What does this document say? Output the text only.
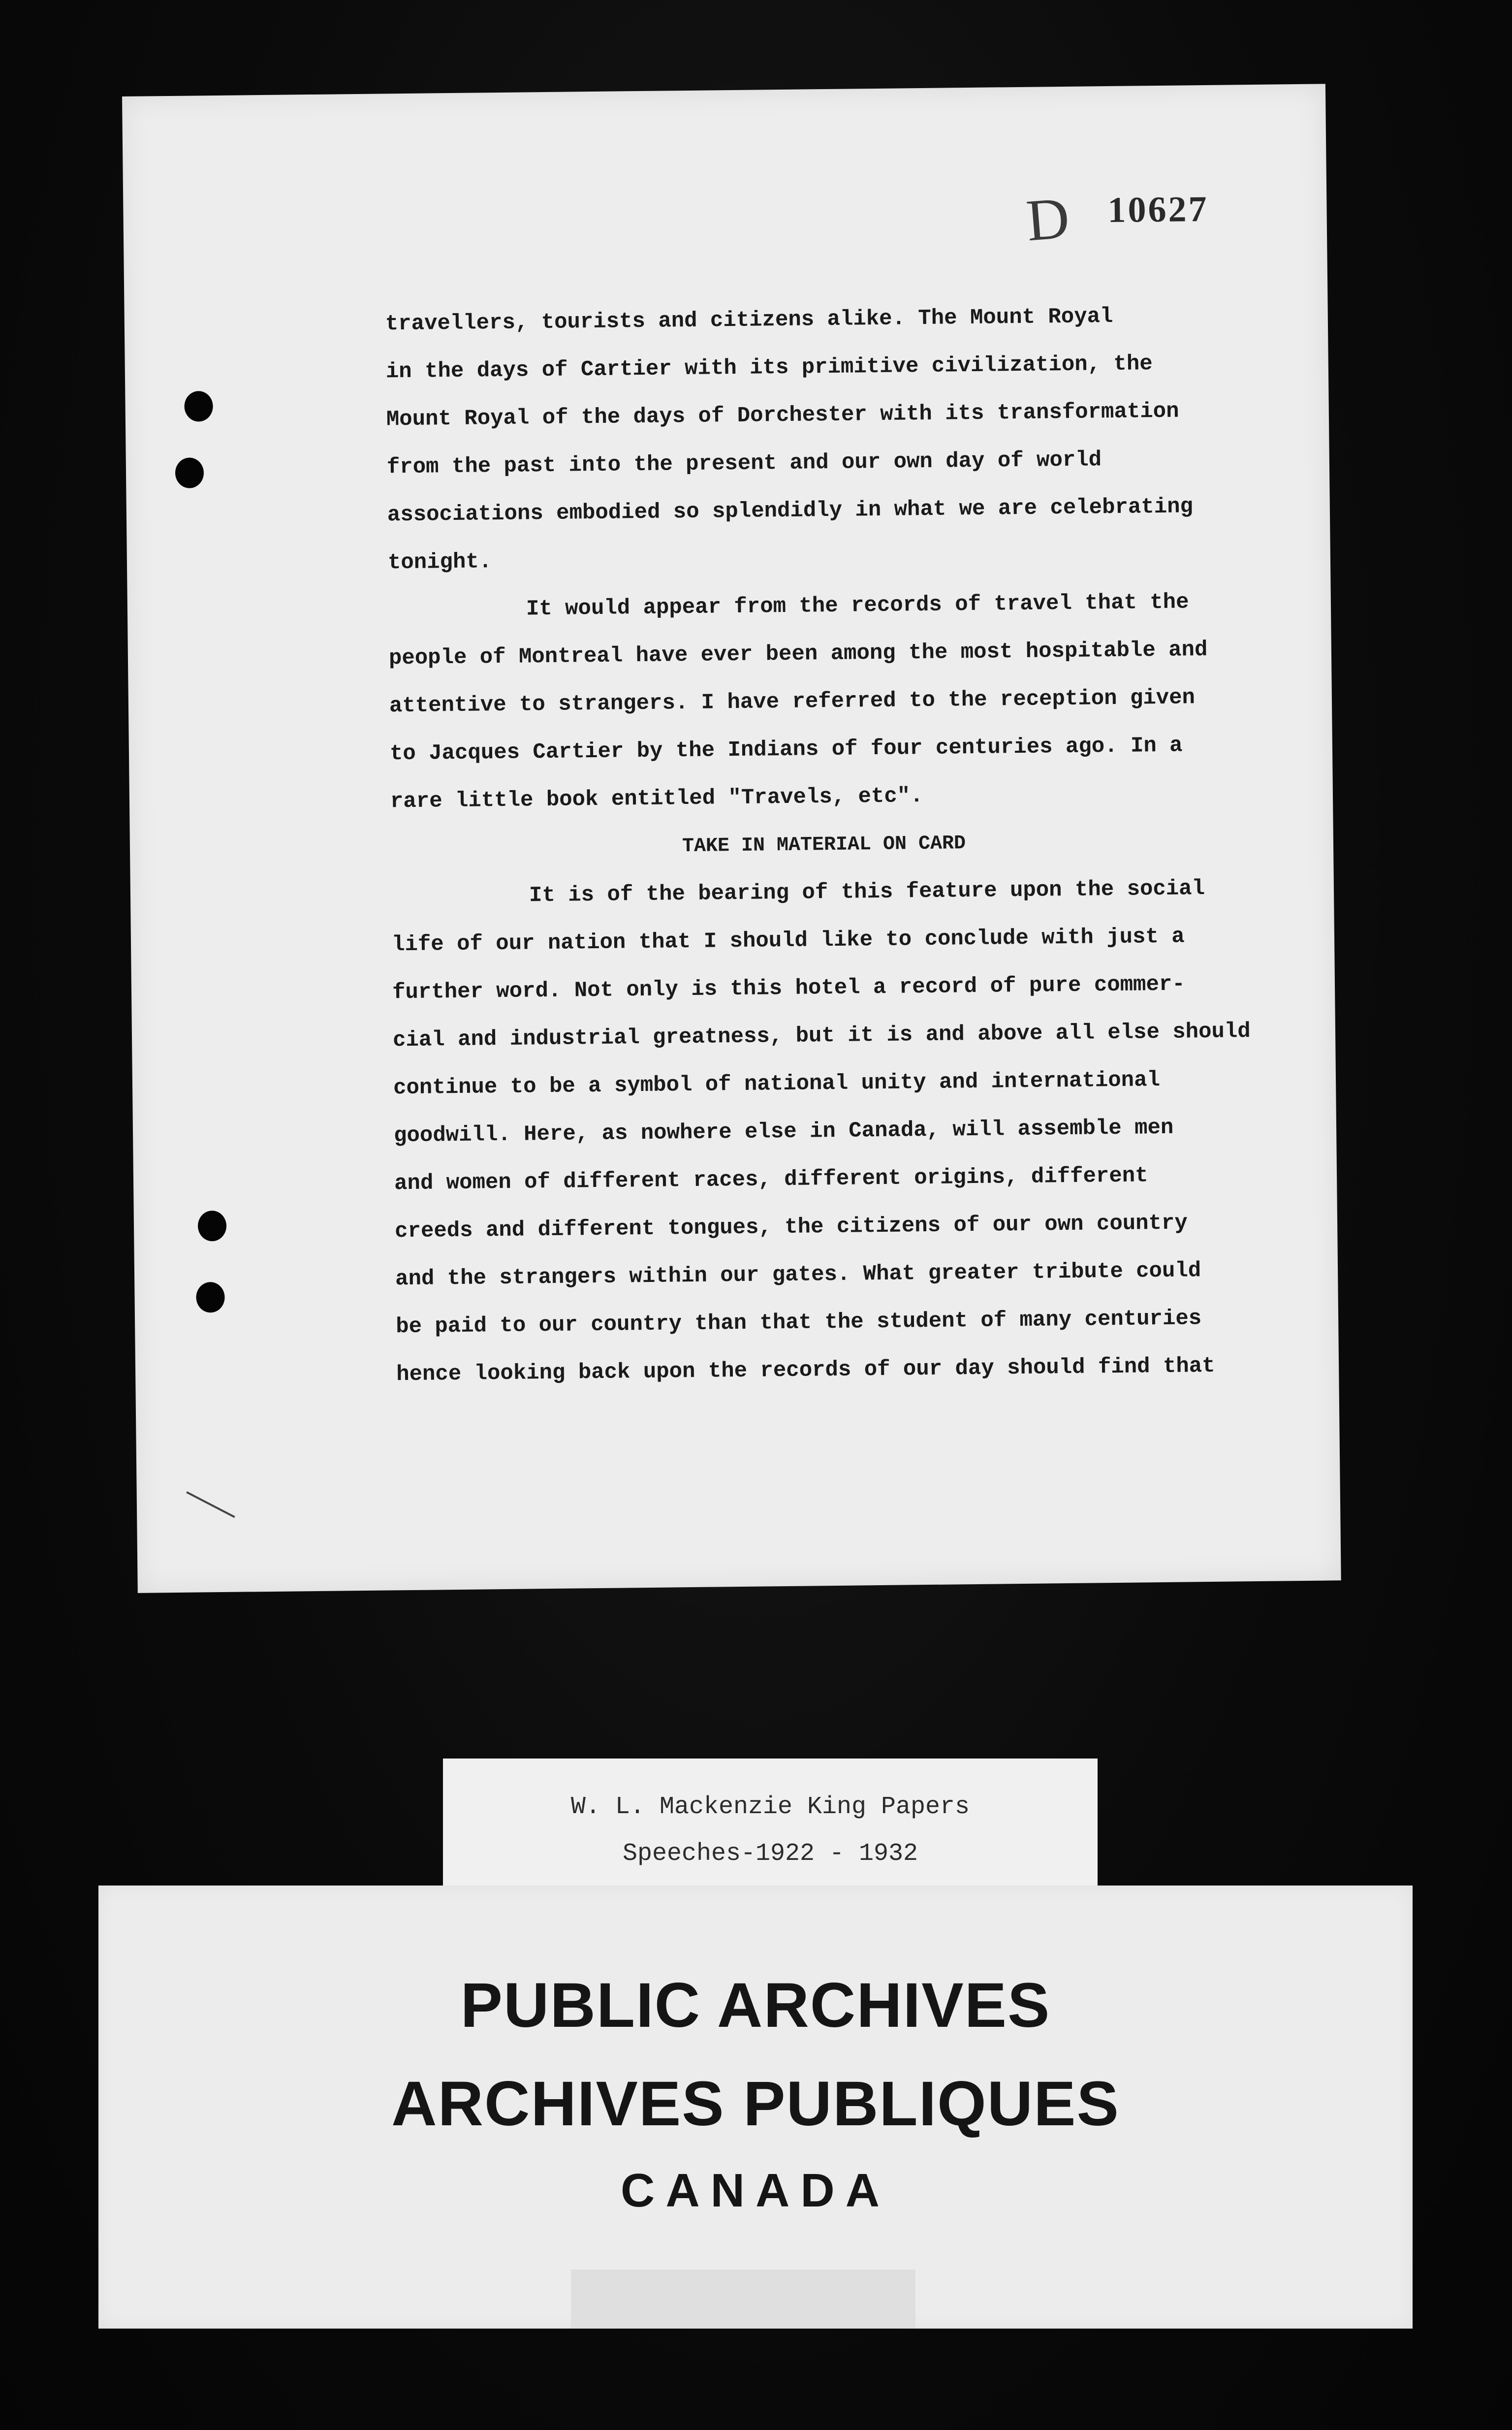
D 10627
travellers, tourists and citizens alike. The Mount Royal
in the days of Cartier with its primitive civilization, the
Mount Royal of the days of Dorchester with its transformation
from the past into the present and our own day of world
associations embodied so splendidly in what we are celebrating
tonight.
It would appear from the records of travel that the
people of Montreal have ever been among the most hospitable and
attentive to strangers. I have referred to the reception given
to Jacques Cartier by the Indians of four centuries ago. In a
rare little book entitled "Travels, etc".
TAKE IN MATERIAL ON CARD
It is of the bearing of this feature upon the social
life of our nation that I should like to conclude with just a
further word. Not only is this hotel a record of pure commer-
cial and industrial greatness, but it is and above all else should
continue to be a symbol of national unity and international
goodwill. Here, as nowhere else in Canada, will assemble men
and women of different races, different origins, different
creeds and different tongues, the citizens of our own country
and the strangers within our gates. What greater tribute could
be paid to our country than that the student of many centuries
hence looking back upon the records of our day should find that
W. L. Mackenzie King Papers
Speeches-1922 - 1932
PUBLIC ARCHIVES
ARCHIVES PUBLIQUES
CANADA
